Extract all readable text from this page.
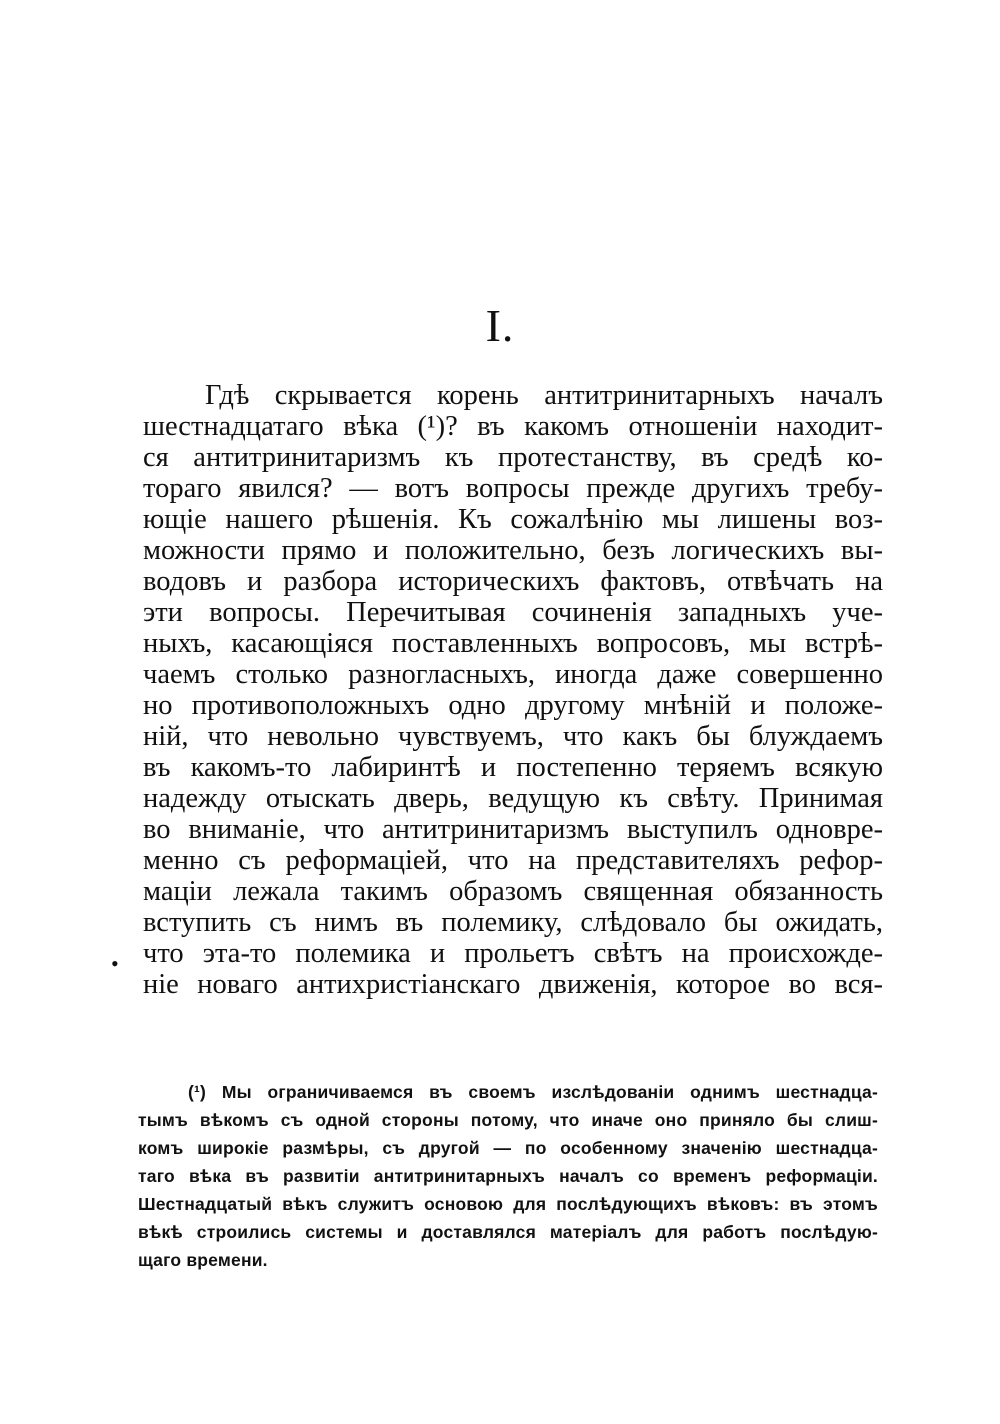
I.
Гдѣ скрывается корень антитринитарныхъ началъ
шестнадцатаго вѣка (¹)? въ какомъ отношеніи находит-
ся антитринитаризмъ къ протестанству, въ средѣ ко-
тораго явился? — вотъ вопросы прежде другихъ требу-
ющіе нашего рѣшенія. Къ сожалѣнію мы лишены воз-
можности прямо и положительно, безъ логическихъ вы-
водовъ и разбора историческихъ фактовъ, отвѣчать на
эти вопросы. Перечитывая сочиненія западныхъ уче-
ныхъ, касающіяся поставленныхъ вопросовъ, мы встрѣ-
чаемъ столько разногласныхъ, иногда даже совершенно
но противоположныхъ одно другому мнѣній и положе-
ній, что невольно чувствуемъ, что какъ бы блуждаемъ
въ какомъ-то лабиринтѣ и постепенно теряемъ всякую
надежду отыскать дверь, ведущую къ свѣту. Принимая
во вниманіе, что антитринитаризмъ выступилъ одновре-
менно съ реформаціей, что на представителяхъ рефор-
маціи лежала такимъ образомъ священная обязанность
вступить съ нимъ въ полемику, слѣдовало бы ожидать,
что эта-то полемика и прольетъ свѣтъ на происхожде-
ніе новаго антихристіанскаго движенія, которое во вся-
•
(¹) Мы ограничиваемся въ своемъ изслѣдованіи однимъ шестнадца-
тымъ вѣкомъ съ одной стороны потому, что иначе оно приняло бы слиш-
комъ широкіе размѣры, съ другой — по особенному значенію шестнадца-
таго вѣка въ развитіи антитринитарныхъ началъ со временъ реформаціи.
Шестнадцатый вѣкъ служитъ основою для послѣдующихъ вѣковъ: въ этомъ
вѣкѣ строились системы и доставлялся матеріалъ для работъ послѣдую-
щаго времени.
